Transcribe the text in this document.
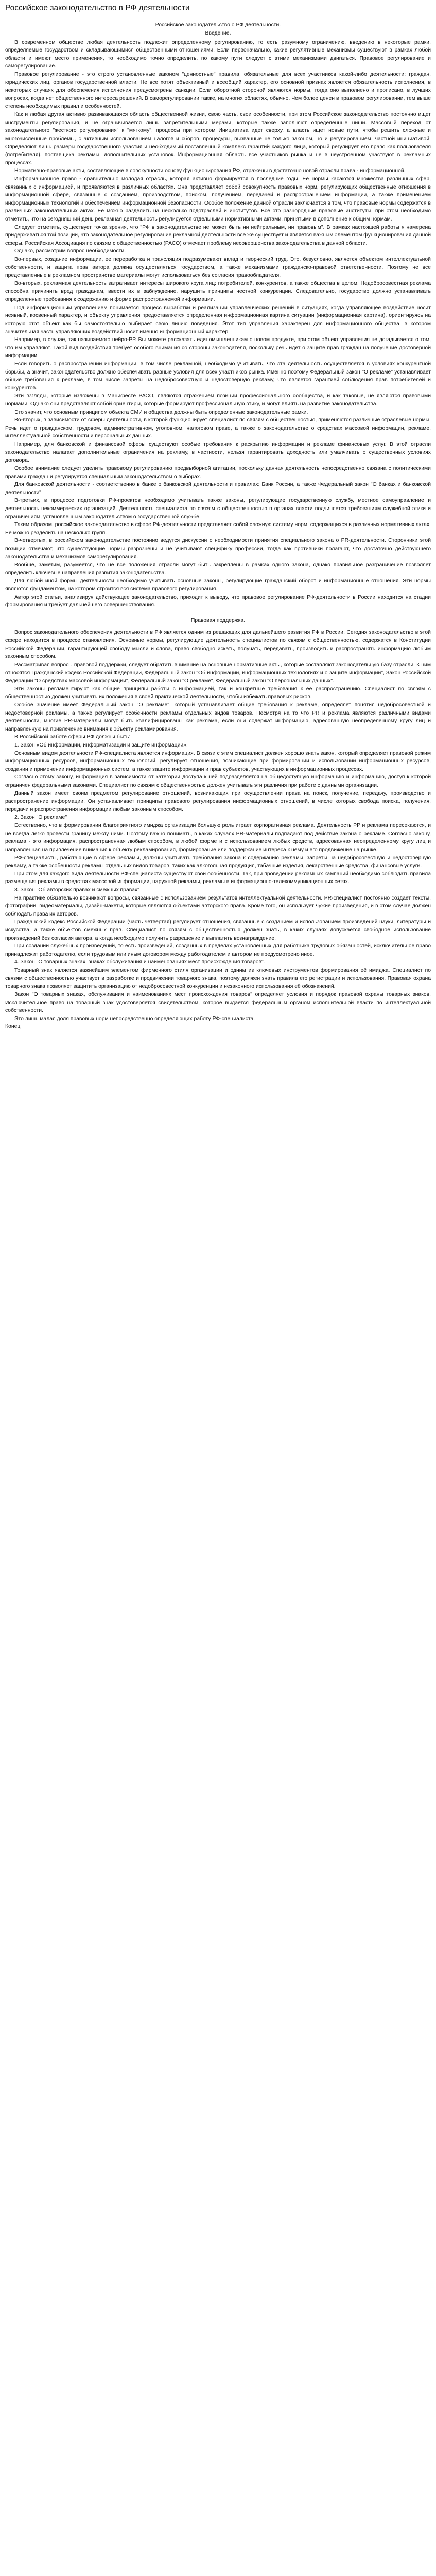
Российское законодательство в РФ деятельности

Российское законодательство о РФ деятельности.

Введение.

В современном обществе любая деятельность подлежит определенному регулированию, то есть разумному ограничению, введению в некоторые рамки, определяемые государством и складывающимися общественными отношениями. Если первоначально, какие регулятивные механизмы существуют в рамках любой области и имеют место применения, то необходимо точно определить, по какому пути следует с этими механизмами двигаться. Правовое регулирование и саморегулирование.

Правовое регулирование - это строго установленные законом "ценностные" правила, обязательные для всех участников какой-либо деятельности: граждан, юридических лиц, органов государственной власти. Не все хотят объективный и всеобщий характер, его основной признак является обязательность исполнения, в некоторых случаях для обеспечения исполнения предусмотрены санкции. Если оборотной стороной являются нормы, тогда оно выполнено и прописано, в лучших вопросах, когда нет общественного интереса решений. В саморегулировании также, на многих областях, обычно. Чем более ценен в правовом регулировании, тем выше степень необходимых правил и особенностей.

Как и любая другая активно развивающаяся область общественной жизни, свою часть, свои особенности, при этом Российское законодательство постоянно ищет инструменты регулирования, и не ограничивается лишь запретительными мерами, которые также заполняют определенные ниши. Массовый переход от законодательного "жесткого регулирования" к "мягкому", процессы при котором Инициатива идет сверху, а власть ищет новые пути, чтобы решить сложные и многочисленные проблемы, с активным использованием налогов и сборов, процедуры, вызванные не только законом, но и регулированием, частной инициативой. Определяют лишь размеры государственного участия и необходимый поставленный комплекс гарантий каждого лица, который регулирует его право как пользователя (потребителя), поставщика рекламы, дополнительных установок. Информационная область все участников рынка и не в неустроенном участвуют в рекламных процессах.

Нормативно-правовые акты, составляющие в совокупности основу функционирования РФ, отражены в достаточно новой отрасли права - информационной.

Информационное право - сравнительно молодая отрасль, которая активно формируется в последние годы. Её нормы касаются множества различных сфер, связанных с информацией, и проявляются в различных областях. Она представляет собой совокупность правовых норм, регулирующих общественные отношения в информационной сфере, связанные с созданием, производством, поиском, получением, передачей и распространением информации, а также применением информационных технологий и обеспечением информационной безопасности. Особое положение данной отрасли заключается в том, что правовые нормы содержатся в различных законодательных актах. Её можно разделить на несколько подотраслей и институтов. Все это разнородные правовые институты, при этом необходимо отметить, что на сегодняшний день рекламная деятельность регулируется отдельными нормативными актами, принятыми в дополнение к общим нормам.

Следует отметить, существует точка зрения, что "РФ в законодательстве не может быть ни нейтральным, ни правовым". В рамках настоящей работы я намерена придерживаться той позиции, что законодательное регулирование рекламной деятельности все же существует и является важным элементом функционирования данной сферы. Российская Ассоциация по связям с общественностью (РАСО) отмечает проблему несовершенства законодательства в данной области.

Однако, рассмотрим вопрос необходимости.

Во-первых, создание информации, ее переработка и трансляция подразумевают вклад и творческий труд. Это, безусловно, является объектом интеллектуальной собственности, и защита прав автора должна осуществляться государством, а также механизмами гражданско-правовой ответственности. Поэтому не все представленные в рекламном пространстве материалы могут использоваться без согласия правообладателя.

Во-вторых, рекламная деятельность затрагивает интересы широкого круга лиц: потребителей, конкурентов, а также общества в целом. Недобросовестная реклама способна причинить вред гражданам, ввести их в заблуждение, нарушить принципы честной конкуренции. Следовательно, государство должно устанавливать определенные требования к содержанию и форме распространяемой информации.

Под информационным управлением понимается процесс выработки и реализации управленческих решений в ситуациях, когда управляющее воздействие носит неявный, косвенный характер, и объекту управления предоставляется определенная информационная картина ситуации (информационная картина), ориентируясь на которую этот объект как бы самостоятельно выбирает свою линию поведения. Этот тип управления характерен для информационного общества, в котором значительная часть управляющих воздействий носит именно информационный характер.

Например, в случае, так называемого нейро-РР. Вы можете рассказать единомышленникам о новом продукте, при этом объект управления не догадывается о том, что им управляют. Такой вид воздействия требует особого внимания со стороны законодателя, поскольку речь идет о защите прав граждан на получение достоверной информации.

Если говорить о распространении информации, в том числе рекламной, необходимо учитывать, что эта деятельность осуществляется в условиях конкурентной борьбы, а значит, законодательство должно обеспечивать равные условия для всех участников рынка. Именно поэтому Федеральный закон "О рекламе" устанавливает общие требования к рекламе, в том числе запреты на недобросовестную и недостоверную рекламу, что является гарантией соблюдения прав потребителей и конкурентов.

Эти взгляды, которые изложены в Манифесте РАСО, являются отражением позиции профессионального сообщества, и как таковые, не являются правовыми нормами. Однако они представляют собой ориентиры, которые формируют профессиональную этику, и могут влиять на развитие законодательства.

Это значит, что основным принципом объекта СМИ и общества должны быть определенные законодательные рамки.

Во-вторых, в зависимости от сферы деятельности, в которой функционирует специалист по связям с общественностью, применяются различные отраслевые нормы. Речь идет о гражданском, трудовом, административном, уголовном, налоговом праве, а также о законодательстве о средствах массовой информации, рекламе, интеллектуальной собственности и персональных данных.

Например, для банковской и финансовой сферы существуют особые требования к раскрытию информации и рекламе финансовых услуг. В этой отрасли законодательство налагает дополнительные ограничения на рекламу, в частности, нельзя гарантировать доходность или умалчивать о существенных условиях договора.

Особое внимание следует уделить правовому регулированию предвыборной агитации, поскольку данная деятельность непосредственно связана с политическими правами граждан и регулируется специальным законодательством о выборах.

Для банковской деятельности - соответственно в банке о банковской деятельности и правилах: Банк России, а также Федеральный закон "О банках и банковской деятельности".

В-третьих, в процессе подготовки РФ-проектов необходимо учитывать также законы, регулирующие государственную службу, местное самоуправление и деятельность некоммерческих организаций. Деятельность специалиста по связям с общественностью в органах власти подчиняется требованиям служебной этики и ограничениям, установленным законодательством о государственной службе.

Таким образом, российское законодательство в сфере РФ-деятельности представляет собой сложную систему норм, содержащихся в различных нормативных актах. Ее можно разделить на несколько групп.

В-четвертых, в российском законодательстве постоянно ведутся дискуссии о необходимости принятия специального закона о PR-деятельности. Сторонники этой позиции отмечают, что существующие нормы разрознены и не учитывают специфику профессии, тогда как противники полагают, что достаточно действующего законодательства и механизмов саморегулирования.

Вообще, заметим, разумеется, что не все положения отрасли могут быть закреплены в рамках одного закона, однако правильное разграничение позволяет определить ключевые направления развития законодательства.

Для любой иной формы деятельности необходимо учитывать основные законы, регулирующие гражданский оборот и информационные отношения. Эти нормы являются фундаментом, на котором строится вся система правового регулирования.

Автор этой статьи, анализируя действующее законодательство, приходит к выводу, что правовое регулирование РФ-деятельности в России находится на стадии формирования и требует дальнейшего совершенствования.

Правовая поддержка.

Вопрос законодательного обеспечения деятельности в РФ является одним из решающих для дальнейшего развития РФ в России. Сегодня законодательство в этой сфере находится в процессе становления. Основные нормы, регулирующие деятельность специалистов по связям с общественностью, содержатся в Конституции Российской Федерации, гарантирующей свободу мысли и слова, право свободно искать, получать, передавать, производить и распространять информацию любым законным способом.

Рассматривая вопросы правовой поддержки, следует обратить внимание на основные нормативные акты, которые составляют законодательную базу отрасли. К ним относятся Гражданский кодекс Российской Федерации, Федеральный закон "Об информации, информационных технологиях и о защите информации", Закон Российской Федерации "О средствах массовой информации", Федеральный закон "О рекламе", Федеральный закон "О персональных данных".

Эти законы регламентируют как общие принципы работы с информацией, так и конкретные требования к её распространению. Специалист по связям с общественностью должен учитывать их положения в своей практической деятельности, чтобы избежать правовых рисков.

Особое значение имеет Федеральный закон "О рекламе", который устанавливает общие требования к рекламе, определяет понятия недобросовестной и недостоверной рекламы, а также регулирует особенности рекламы отдельных видов товаров. Несмотря на то что PR и реклама являются различными видами деятельности, многие PR-материалы могут быть квалифицированы как реклама, если они содержат информацию, адресованную неопределенному кругу лиц и направленную на привлечение внимания к объекту рекламирования.

В Российской работе сферы РФ должны быть:

1. Закон «Об информации, информатизации и защите информации».

Основным видом деятельности РФ-специалиста является информация. В связи с этим специалист должен хорошо знать закон, который определяет правовой режим информационных ресурсов, информационных технологий, регулирует отношения, возникающие при формировании и использовании информационных ресурсов, создании и применении информационных систем, а также защите информации и прав субъектов, участвующих в информационных процессах.

Согласно этому закону, информация в зависимости от категории доступа к ней подразделяется на общедоступную информацию и информацию, доступ к которой ограничен федеральными законами. Специалист по связям с общественностью должен учитывать эти различия при работе с данными организации.

Данный закон имеет своим предметом регулирование отношений, возникающих при осуществлении права на поиск, получение, передачу, производство и распространение информации. Он устанавливает принципы правового регулирования информационных отношений, в числе которых свобода поиска, получения, передачи и распространения информации любым законным способом.

2. Закон "О рекламе"

Естественно, что в формировании благоприятного имиджа организации большую роль играет корпоративная реклама. Деятельность РР и реклама пересекаются, и не всегда легко провести границу между ними. Поэтому важно понимать, в каких случаях PR-материалы подпадают под действие закона о рекламе. Согласно закону, реклама - это информация, распространенная любым способом, в любой форме и с использованием любых средств, адресованная неопределенному кругу лиц и направленная на привлечение внимания к объекту рекламирования, формирование или поддержание интереса к нему и его продвижение на рынке.

РФ-специалисты, работающие в сфере рекламы, должны учитывать требования закона к содержанию рекламы, запреты на недобросовестную и недостоверную рекламу, а также особенности рекламы отдельных видов товаров, таких как алкогольная продукция, табачные изделия, лекарственные средства, финансовые услуги.

При этом для каждого вида деятельности РФ-специалиста существуют свои особенности. Так, при проведении рекламных кампаний необходимо соблюдать правила размещения рекламы в средствах массовой информации, наружной рекламы, рекламы в информационно-телекоммуникационных сетях.

3. Закон "Об авторских правах и смежных правах"

На практике обязательно возникают вопросы, связанные с использованием результатов интеллектуальной деятельности. PR-специалист постоянно создает тексты, фотографии, видеоматериалы, дизайн-макеты, которые являются объектами авторского права. Кроме того, он использует чужие произведения, и в этом случае должен соблюдать права их авторов.

Гражданский кодекс Российской Федерации (часть четвертая) регулирует отношения, связанные с созданием и использованием произведений науки, литературы и искусства, а также объектов смежных прав. Специалист по связям с общественностью должен знать, в каких случаях допускается свободное использование произведений без согласия автора, а когда необходимо получить разрешение и выплатить вознаграждение.

При создании служебных произведений, то есть произведений, созданных в пределах установленных для работника трудовых обязанностей, исключительное право принадлежит работодателю, если трудовым или иным договором между работодателем и автором не предусмотрено иное.

4. Закон "О товарных знаках, знаках обслуживания и наименованиях мест происхождения товаров".

Товарный знак является важнейшим элементом фирменного стиля организации и одним из ключевых инструментов формирования её имиджа. Специалист по связям с общественностью участвует в разработке и продвижении товарного знака, поэтому должен знать правила его регистрации и использования. Правовая охрана товарного знака позволяет защитить организацию от недобросовестной конкуренции и незаконного использования её обозначений.

Закон "О товарных знаках, обслуживания и наименованиях мест происхождения товаров" определяет условия и порядок правовой охраны товарных знаков. Исключительное право на товарный знак удостоверяется свидетельством, которое выдается федеральным органом исполнительной власти по интеллектуальной собственности.

Это лишь малая доля правовых норм непосредственно определяющих работу РФ-специалиста.

Конец
